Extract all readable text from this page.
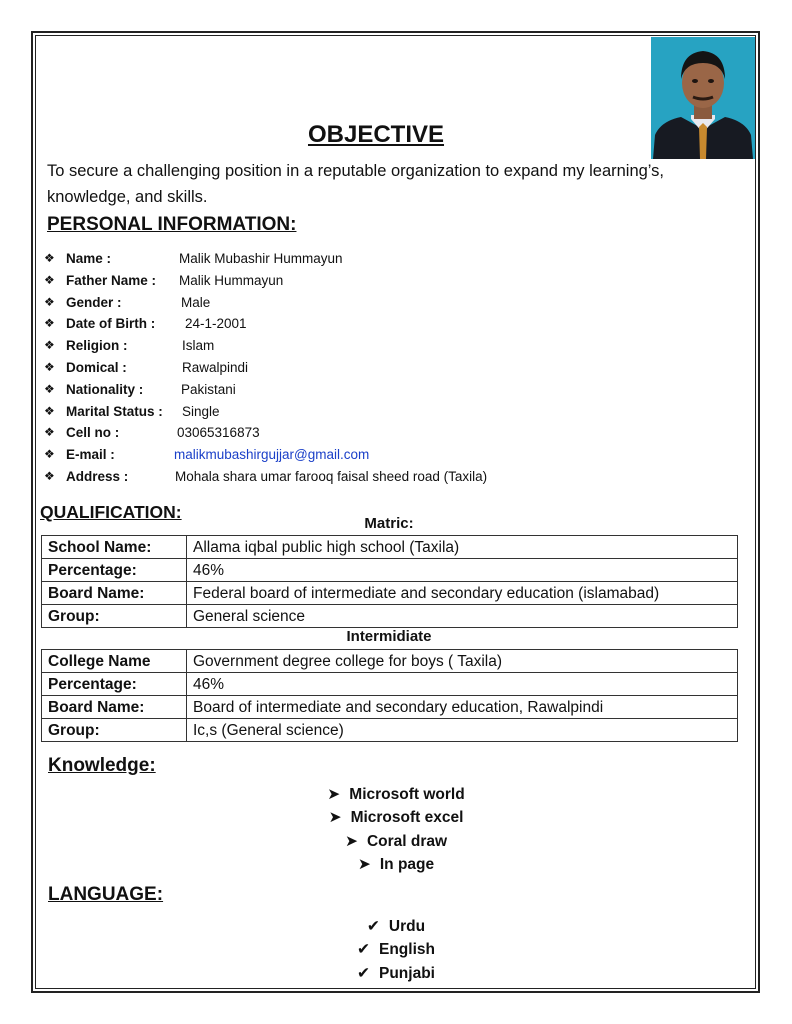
OBJECTIVE
To secure a challenging position in a reputable organization to expand my learning’s, knowledge, and skills.
PERSONAL INFORMATION:
❖ Name :	Malik Mubashir Hummayun
❖ Father Name : Malik Hummayun
❖ Gender :	Male
❖ Date of Birth : 24-1-2001
❖ Religion :	Islam
❖ Domical :	Rawalpindi
❖ Nationality :	Pakistani
❖ Marital Status : Single
❖ Cell no :	03065316873
❖ E-mail :	malikmubashirgujjar@gmail.com
❖ Address :	Mohala shara umar farooq faisal sheed road (Taxila)
QUALIFICATION:
Matric:
School Name:	Allama iqbal public high school (Taxila)
Percentage:	46%
Board Name:	Federal board of intermediate and secondary education (islamabad)
Group:	General science
Intermidiate
College Name	Government degree college for boys ( Taxila)
Percentage:	46%
Board Name:	Board of intermediate and secondary education, Rawalpindi
Group:	Ic,s (General science)
Knowledge:
➤ Microsoft world
➤ Microsoft excel
➤ Coral draw
➤ In page
LANGUAGE:
✔ Urdu
✔ English
✔ Punjabi
